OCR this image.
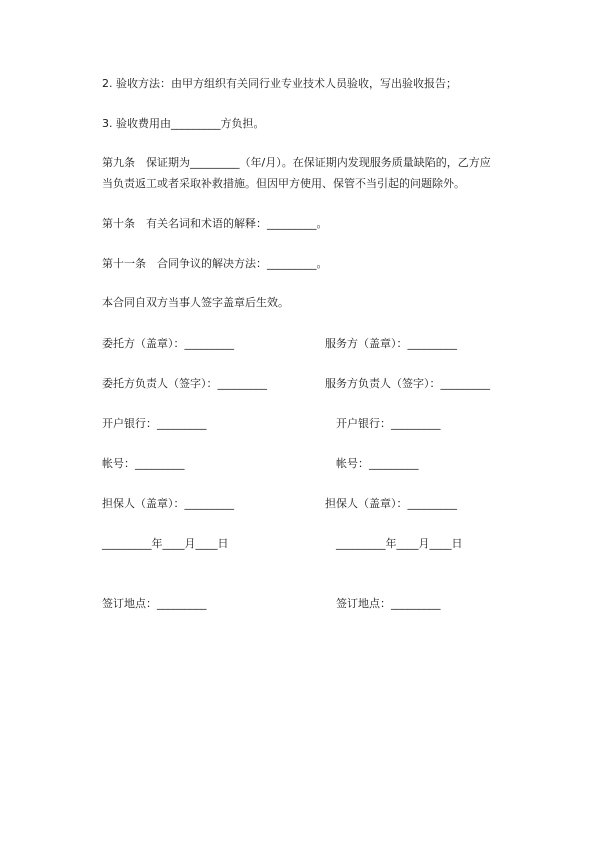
2. 验收方法：由甲方组织有关同行业专业技术人员验收，写出验收报告；
3. 验收费用由_________方负担。
第九条　保证期为_________（年/月）。在保证期内发现服务质量缺陷的，乙方应
当负责返工或者采取补救措施。但因甲方使用、保管不当引起的问题除外。
第十条　有关名词和术语的解释：_________。
第十一条　合同争议的解决方法：_________。
本合同自双方当事人签字盖章后生效。
委托方（盖章）：_________
委托方负责人（签字）：_________
开户银行：_________
帐号：_________
担保人（盖章）：_________
_________年____月____日
签订地点：_________
服务方（盖章）：_________
服务方负责人（签字）：_________
开户银行：_________
帐号：_________
担保人（盖章）：_________
_________年____月____日
签订地点：_________
